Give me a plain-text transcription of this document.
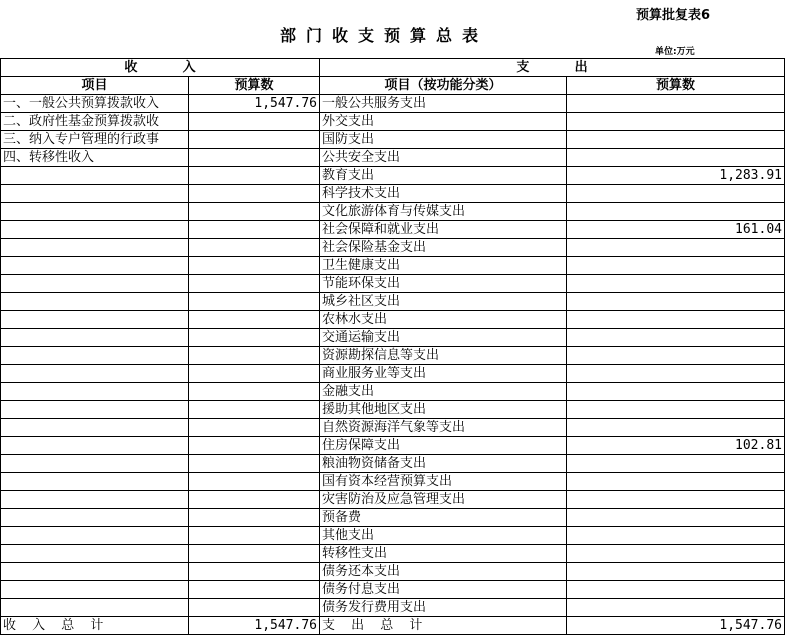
预算批复表6
部门收支预算总表
单位:万元
收          入		支          出	
项目	预算数	项目（按功能分类）	预算数
一、一般公共预算拨款收入	1,547.76	一般公共服务支出	
二、政府性基金预算拨款收		外交支出	
三、纳入专户管理的行政事		国防支出	
四、转移性收入		公共安全支出	
		教育支出	1,283.91
		科学技术支出	
		文化旅游体育与传媒支出	
		社会保障和就业支出	161.04
		社会保险基金支出	
		卫生健康支出	
		节能环保支出	
		城乡社区支出	
		农林水支出	
		交通运输支出	
		资源勘探信息等支出	
		商业服务业等支出	
		金融支出	
		援助其他地区支出	
		自然资源海洋气象等支出	
		住房保障支出	102.81
		粮油物资储备支出	
		国有资本经营预算支出	
		灾害防治及应急管理支出	
		预备费	
		其他支出	
		转移性支出	
		债务还本支出	
		债务付息支出	
		债务发行费用支出	
收 入 总 计	1,547.76	支 出 总 计	1,547.76
